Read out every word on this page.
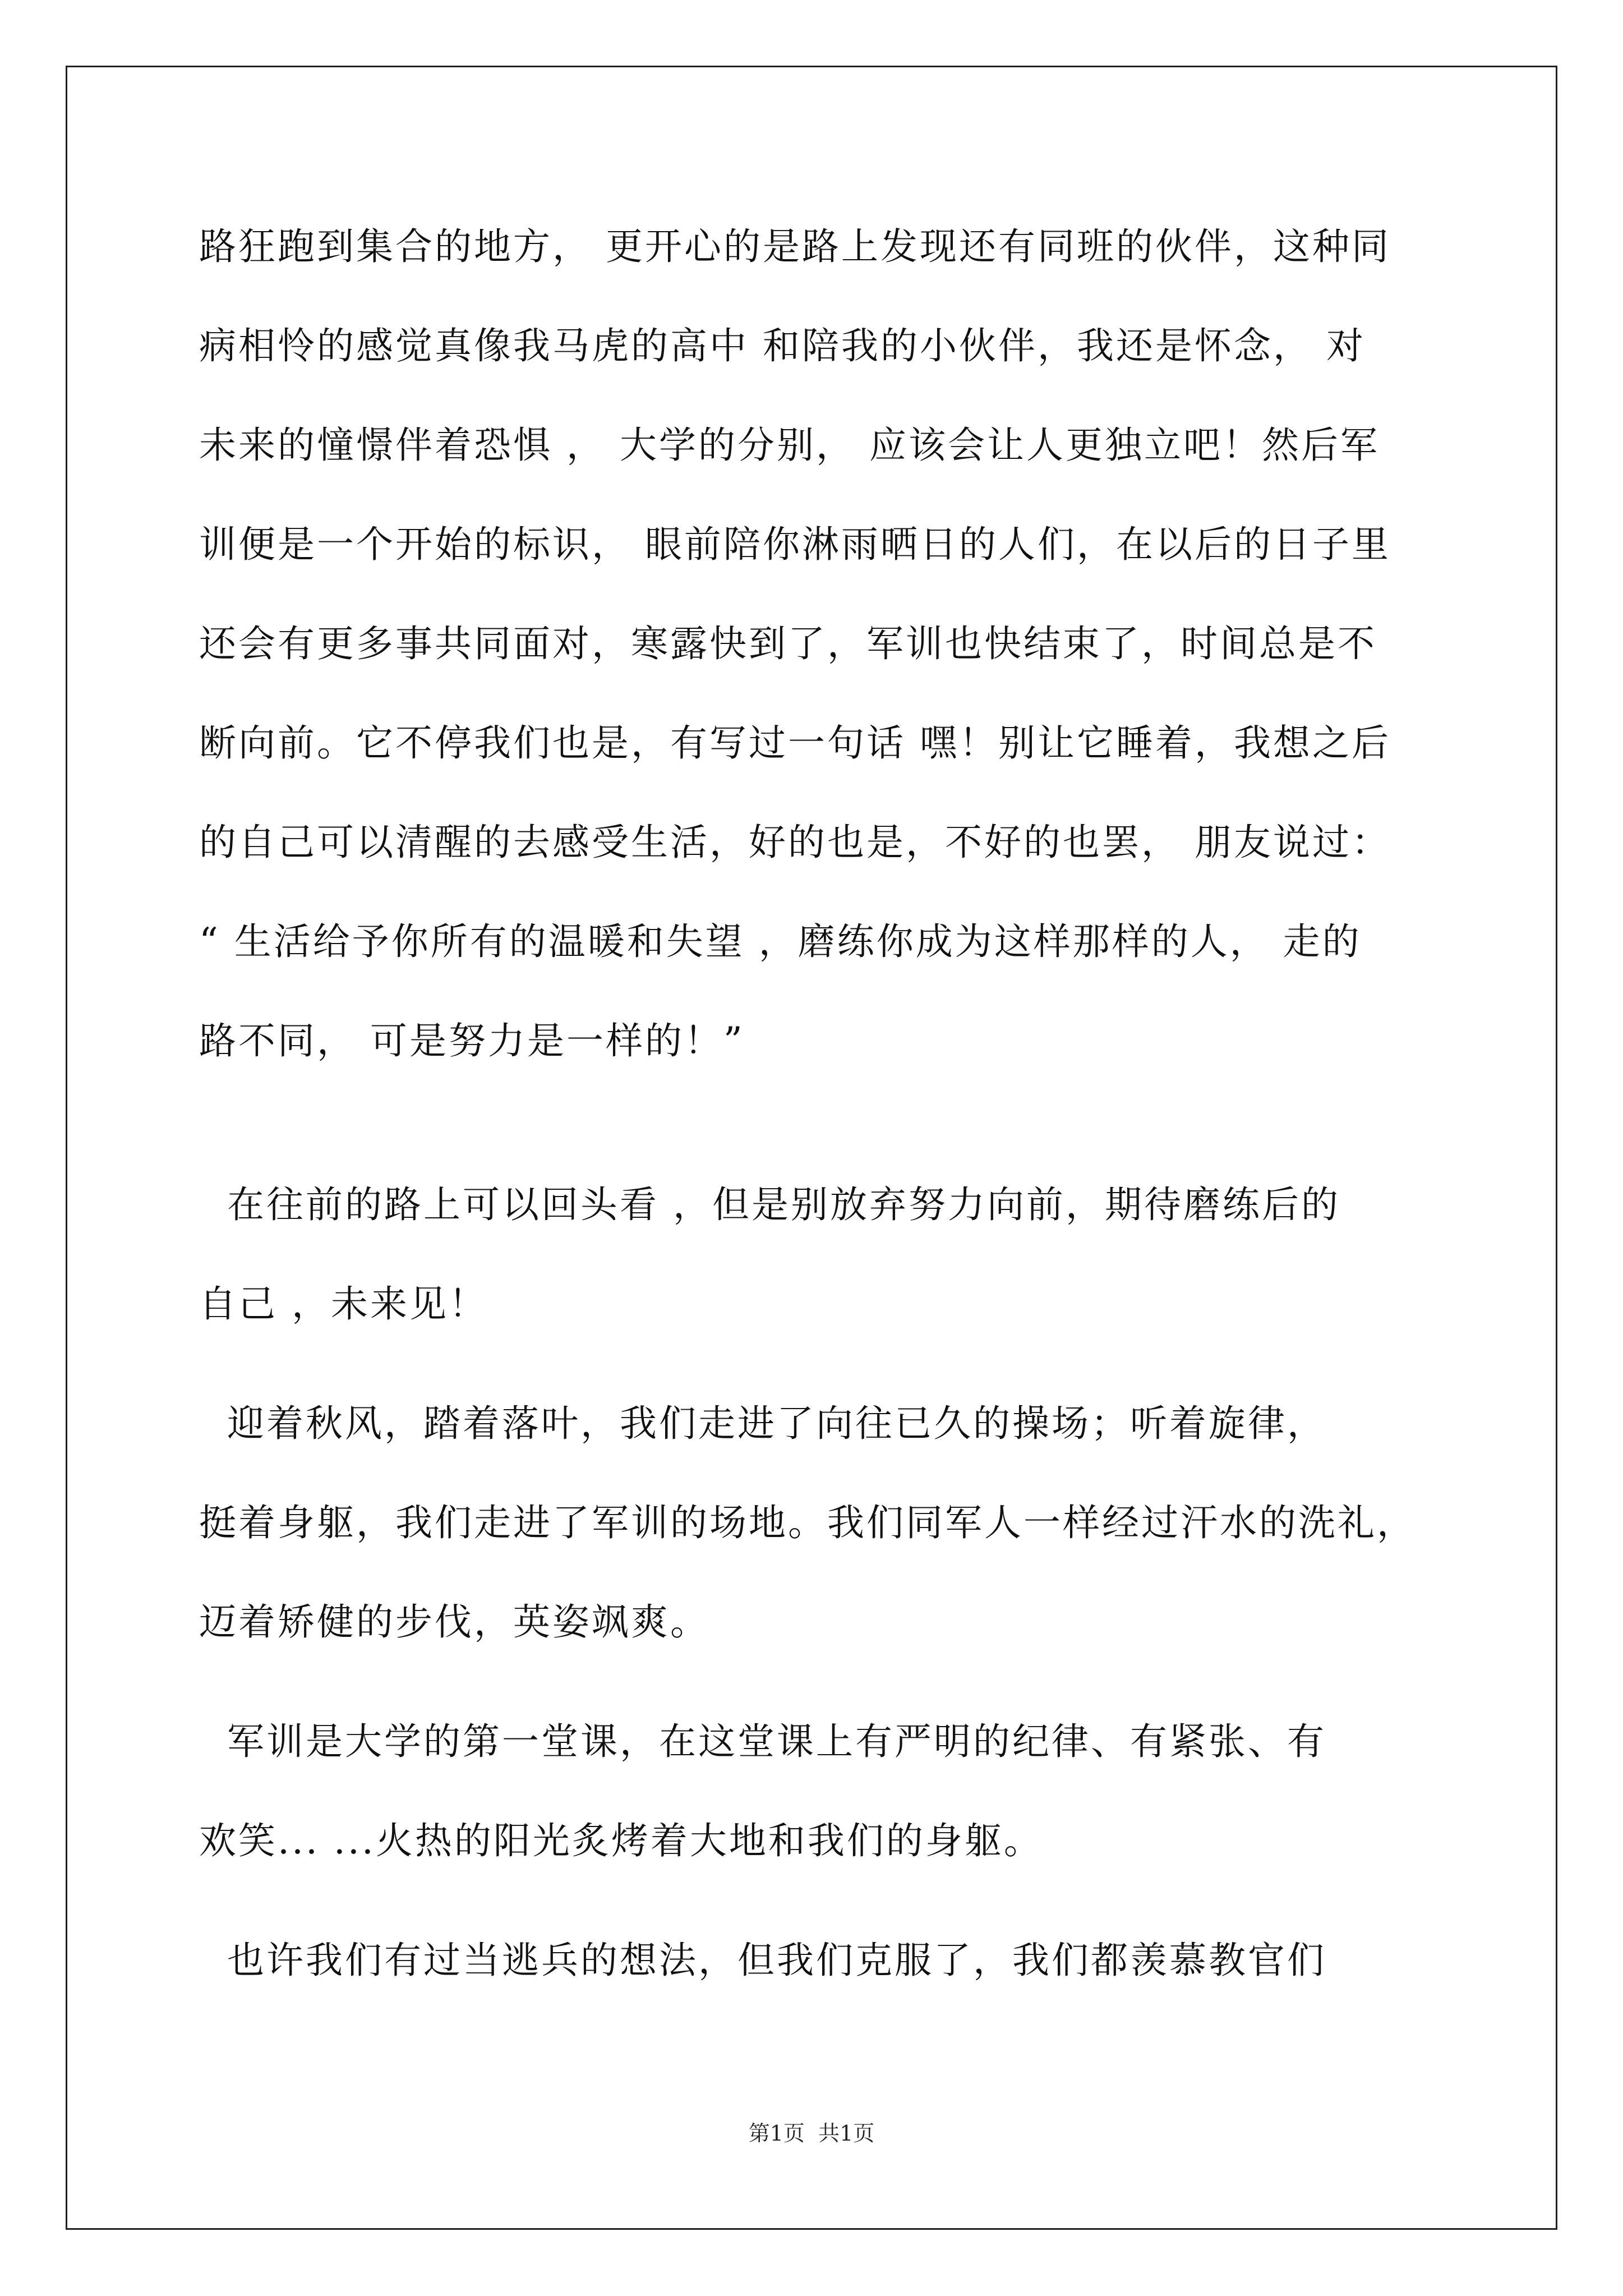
路狂跑到集合的地方， 更开心的是路上发现还有同班的伙伴，这种同
病相怜的感觉真像我马虎的高中 和陪我的小伙伴，我还是怀念， 对
未来的憧憬伴着恐惧 ， 大学的分别， 应该会让人更独立吧！然后军
训便是一个开始的标识， 眼前陪你淋雨晒日的人们，在以后的日子里
还会有更多事共同面对，寒露快到了，军训也快结束了，时间总是不
断向前。它不停我们也是，有写过一句话 嘿！别让它睡着，我想之后
的自己可以清醒的去感受生活，好的也是，不好的也罢， 朋友说过：
“ 生活给予你所有的温暖和失望 ，磨练你成为这样那样的人， 走的
路不同， 可是努力是一样的！”
在往前的路上可以回头看 ，但是别放弃努力向前，期待磨练后的
自己 ，未来见！
迎着秋风，踏着落叶，我们走进了向往已久的操场；听着旋律，
挺着身躯，我们走进了军训的场地。我们同军人一样经过汗水的洗礼，
迈着矫健的步伐，英姿飒爽。
军训是大学的第一堂课，在这堂课上有严明的纪律、有紧张、有
欢笑... ...火热的阳光炙烤着大地和我们的身躯。
也许我们有过当逃兵的想法，但我们克服了，我们都羡慕教官们
第1页  共1页
